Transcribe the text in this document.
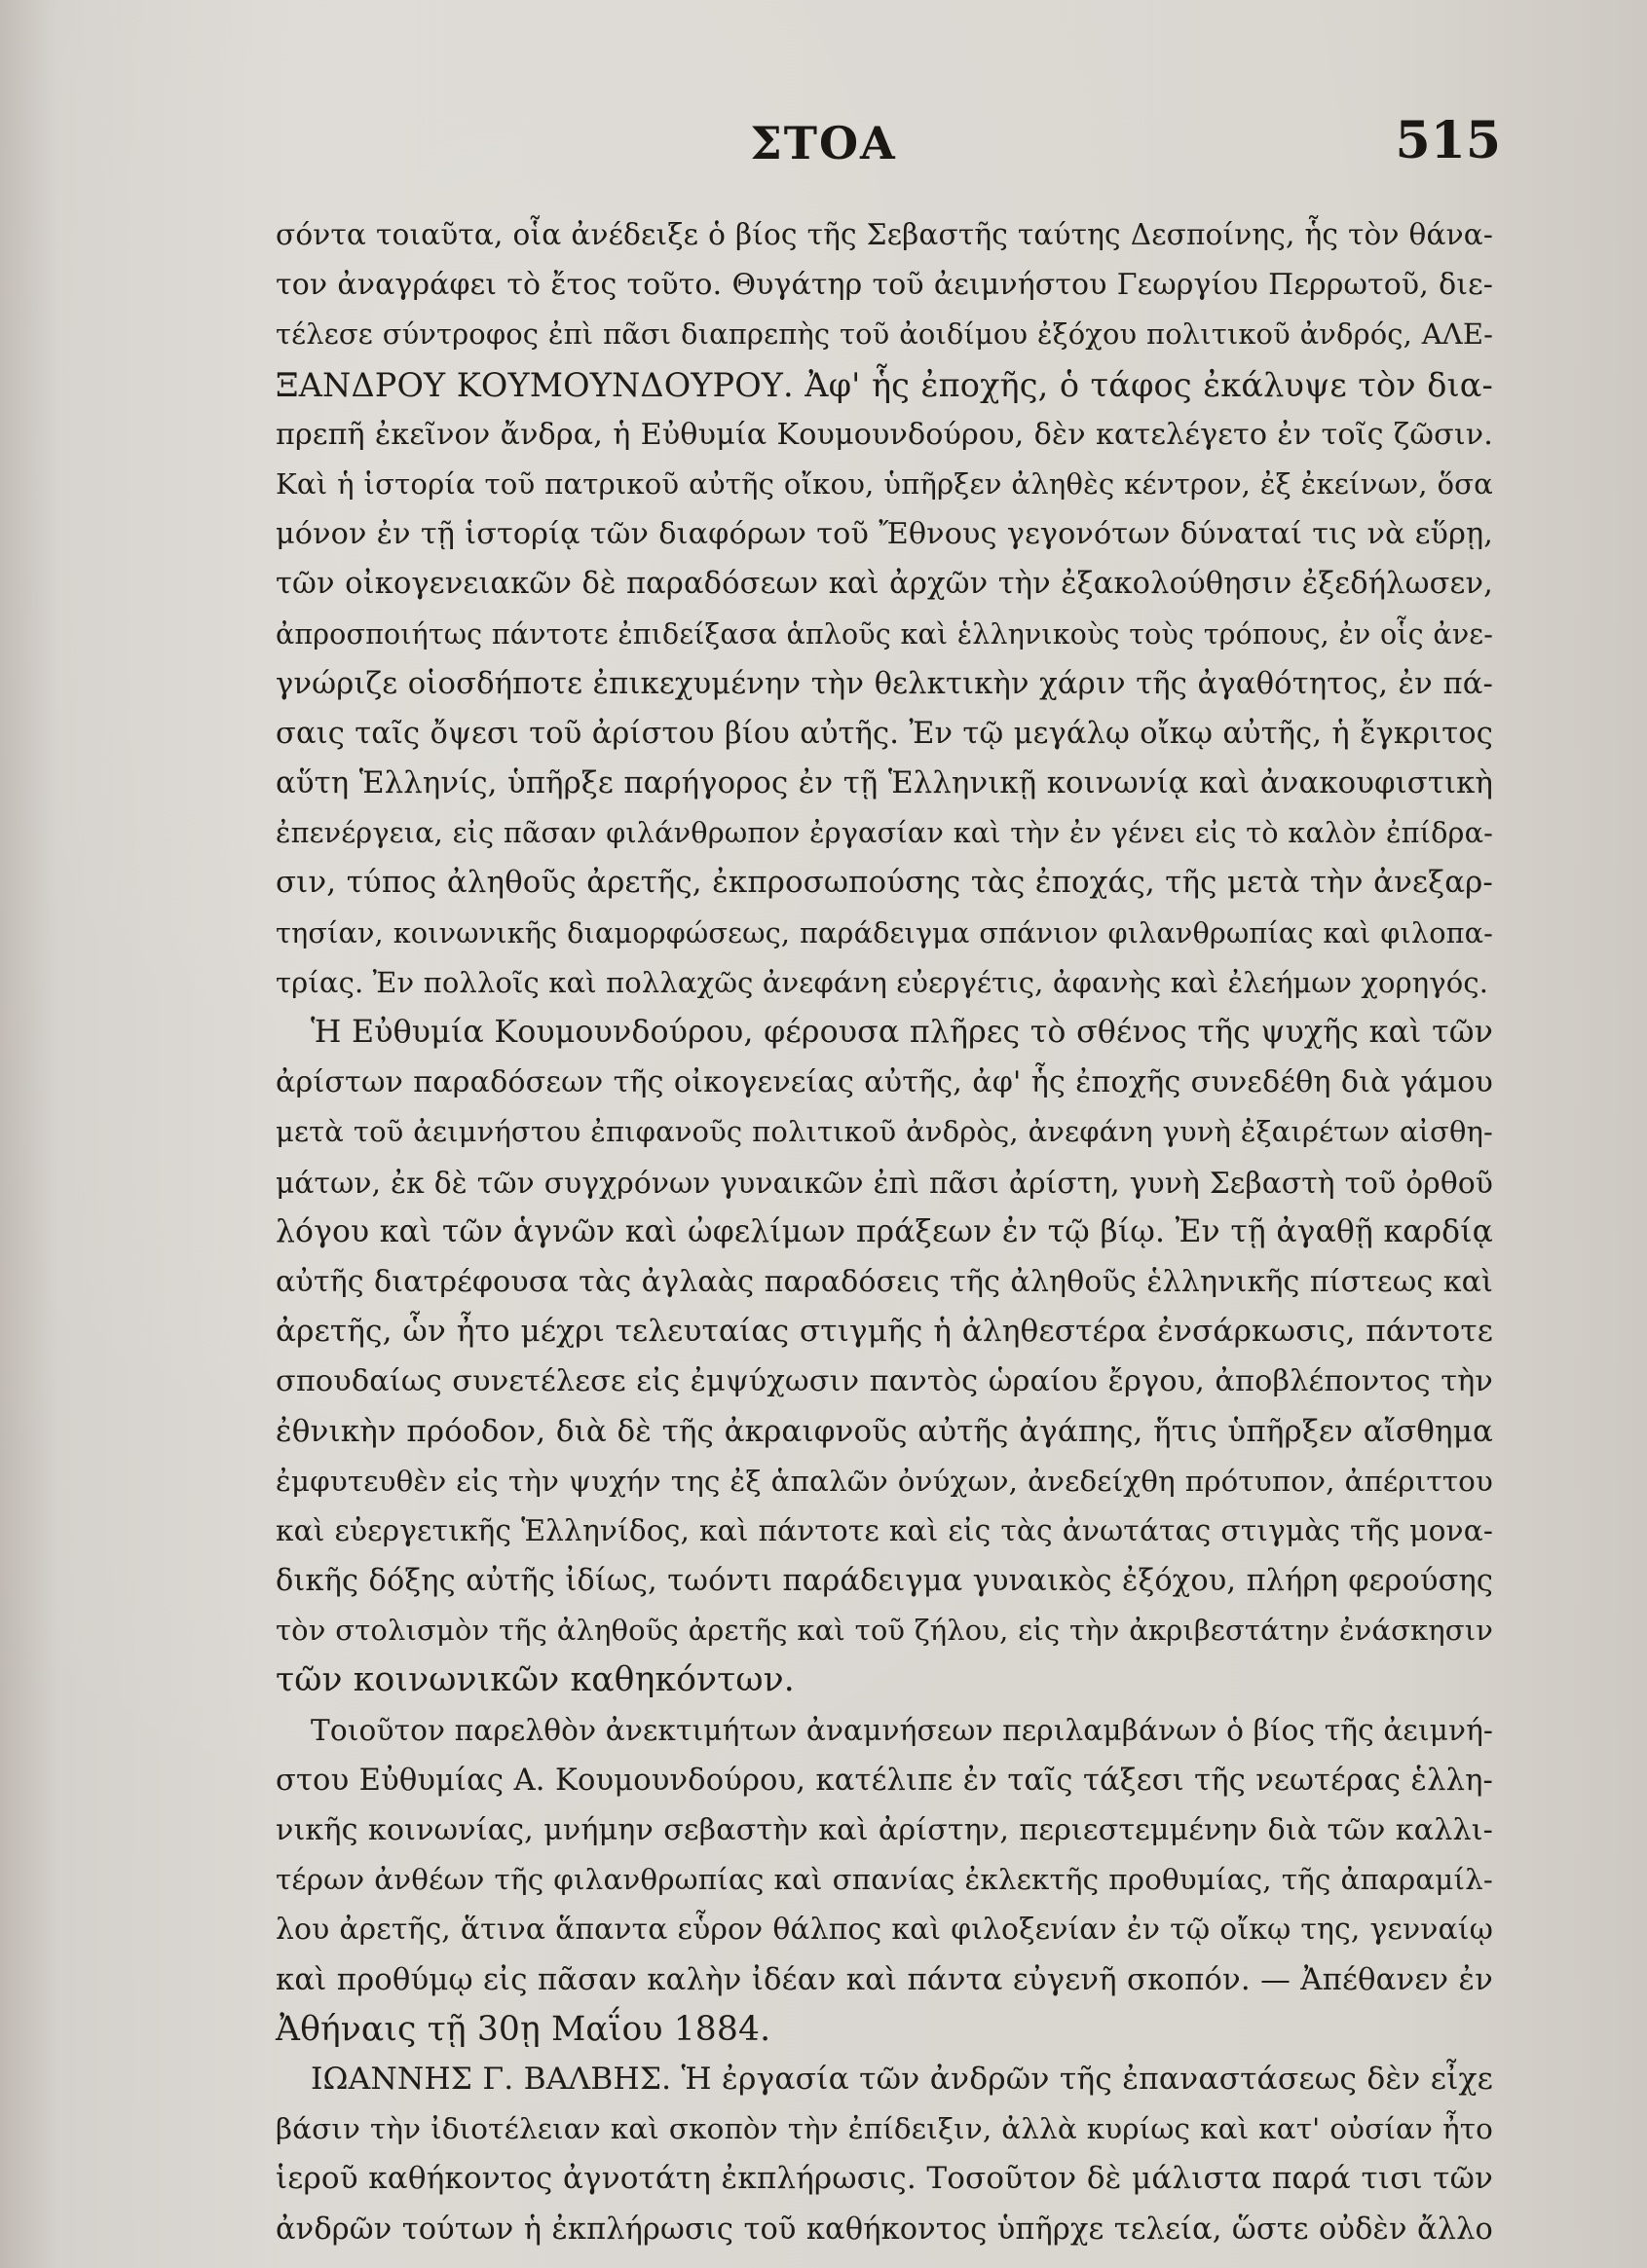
ΣΤΟΑ	515
σόντα τοιαῦτα, οἷα ἀνέδειξε ὁ βίος τῆς Σεβαστῆς ταύτης Δεσποίνης, ἧς τὸν θάνα-
τον ἀναγράφει τὸ ἔτος τοῦτο. Θυγάτηρ τοῦ ἀειμνήστου Γεωργίου Περρωτοῦ, διε-
τέλεσε σύντροφος ἐπὶ πᾶσι διαπρεπὴς τοῦ ἀοιδίμου ἐξόχου πολιτικοῦ ἀνδρός, ΑΛΕ-
ΞΑΝΔΡΟΥ ΚΟΥΜΟΥΝΔΟΥΡΟΥ. Ἀφ' ἧς ἐποχῆς, ὁ τάφος ἐκάλυψε τὸν δια-
πρεπῆ ἐκεῖνον ἄνδρα, ἡ Εὐθυμία Κουμουνδούρου, δὲν κατελέγετο ἐν τοῖς ζῶσιν.
Καὶ ἡ ἱστορία τοῦ πατρικοῦ αὐτῆς οἴκου, ὑπῆρξεν ἀληθὲς κέντρον, ἐξ ἐκείνων, ὅσα
μόνον ἐν τῇ ἱστορίᾳ τῶν διαφόρων τοῦ Ἔθνους γεγονότων δύναταί τις νὰ εὕρῃ,
τῶν οἰκογενειακῶν δὲ παραδόσεων καὶ ἀρχῶν τὴν ἐξακολούθησιν ἐξεδήλωσεν,
ἀπροσποιήτως πάντοτε ἐπιδείξασα ἁπλοῦς καὶ ἑλληνικοὺς τοὺς τρόπους, ἐν οἷς ἀνε-
γνώριζε οἱοσδήποτε ἐπικεχυμένην τὴν θελκτικὴν χάριν τῆς ἀγαθότητος, ἐν πά-
σαις ταῖς ὄψεσι τοῦ ἀρίστου βίου αὐτῆς. Ἐν τῷ μεγάλῳ οἴκῳ αὐτῆς, ἡ ἔγκριτος
αὕτη Ἑλληνίς, ὑπῆρξε παρήγορος ἐν τῇ Ἑλληνικῇ κοινωνίᾳ καὶ ἀνακουφιστικὴ
ἐπενέργεια, εἰς πᾶσαν φιλάνθρωπον ἐργασίαν καὶ τὴν ἐν γένει εἰς τὸ καλὸν ἐπίδρα-
σιν, τύπος ἀληθοῦς ἀρετῆς, ἐκπροσωπούσης τὰς ἐποχάς, τῆς μετὰ τὴν ἀνεξαρ-
τησίαν, κοινωνικῆς διαμορφώσεως, παράδειγμα σπάνιον φιλανθρωπίας καὶ φιλοπα-
τρίας. Ἐν πολλοῖς καὶ πολλαχῶς ἀνεφάνη εὐεργέτις, ἀφανὴς καὶ ἐλεήμων χορηγός.
Ἡ Εὐθυμία Κουμουνδούρου, φέρουσα πλῆρες τὸ σθένος τῆς ψυχῆς καὶ τῶν
ἀρίστων παραδόσεων τῆς οἰκογενείας αὐτῆς, ἀφ' ἧς ἐποχῆς συνεδέθη διὰ γάμου
μετὰ τοῦ ἀειμνήστου ἐπιφανοῦς πολιτικοῦ ἀνδρὸς, ἀνεφάνη γυνὴ ἐξαιρέτων αἰσθη-
μάτων, ἐκ δὲ τῶν συγχρόνων γυναικῶν ἐπὶ πᾶσι ἀρίστη, γυνὴ Σεβαστὴ τοῦ ὀρθοῦ
λόγου καὶ τῶν ἁγνῶν καὶ ὠφελίμων πράξεων ἐν τῷ βίῳ. Ἐν τῇ ἀγαθῇ καρδίᾳ
αὐτῆς διατρέφουσα τὰς ἀγλαὰς παραδόσεις τῆς ἀληθοῦς ἑλληνικῆς πίστεως καὶ
ἀρετῆς, ὧν ἦτο μέχρι τελευταίας στιγμῆς ἡ ἀληθεστέρα ἐνσάρκωσις, πάντοτε
σπουδαίως συνετέλεσε εἰς ἐμψύχωσιν παντὸς ὡραίου ἔργου, ἀποβλέποντος τὴν
ἐθνικὴν πρόοδον, διὰ δὲ τῆς ἀκραιφνοῦς αὐτῆς ἀγάπης, ἥτις ὑπῆρξεν αἴσθημα
ἐμφυτευθὲν εἰς τὴν ψυχήν της ἐξ ἁπαλῶν ὀνύχων, ἀνεδείχθη πρότυπον, ἀπέριττου
καὶ εὐεργετικῆς Ἑλληνίδος, καὶ πάντοτε καὶ εἰς τὰς ἀνωτάτας στιγμὰς τῆς μονα-
δικῆς δόξης αὐτῆς ἰδίως, τωόντι παράδειγμα γυναικὸς ἐξόχου, πλήρη φερούσης
τὸν στολισμὸν τῆς ἀληθοῦς ἀρετῆς καὶ τοῦ ζήλου, εἰς τὴν ἀκριβεστάτην ἐνάσκησιν
τῶν κοινωνικῶν καθηκόντων.
Τοιοῦτον παρελθὸν ἀνεκτιμήτων ἀναμνήσεων περιλαμβάνων ὁ βίος τῆς ἀειμνή-
στου Εὐθυμίας Α. Κουμουνδούρου, κατέλιπε ἐν ταῖς τάξεσι τῆς νεωτέρας ἑλλη-
νικῆς κοινωνίας, μνήμην σεβαστὴν καὶ ἀρίστην, περιεστεμμένην διὰ τῶν καλλι-
τέρων ἀνθέων τῆς φιλανθρωπίας καὶ σπανίας ἐκλεκτῆς προθυμίας, τῆς ἀπαραμίλ-
λου ἀρετῆς, ἅτινα ἅπαντα εὗρον θάλπος καὶ φιλοξενίαν ἐν τῷ οἴκῳ της, γενναίῳ
καὶ προθύμῳ εἰς πᾶσαν καλὴν ἰδέαν καὶ πάντα εὐγενῆ σκοπόν. — Ἀπέθανεν ἐν
Ἀθήναις τῇ 30ῃ Μαΐου 1884.
ΙΩΑΝΝΗΣ Γ. ΒΑΛΒΗΣ. Ἡ ἐργασία τῶν ἀνδρῶν τῆς ἐπαναστάσεως δὲν εἶχε
βάσιν τὴν ἰδιοτέλειαν καὶ σκοπὸν τὴν ἐπίδειξιν, ἀλλὰ κυρίως καὶ κατ' οὐσίαν ἦτο
ἱεροῦ καθήκοντος ἀγνοτάτη ἐκπλήρωσις. Τοσοῦτον δὲ μάλιστα παρά τισι τῶν
ἀνδρῶν τούτων ἡ ἐκπλήρωσις τοῦ καθήκοντος ὑπῆρχε τελεία, ὥστε οὐδὲν ἄλλο
